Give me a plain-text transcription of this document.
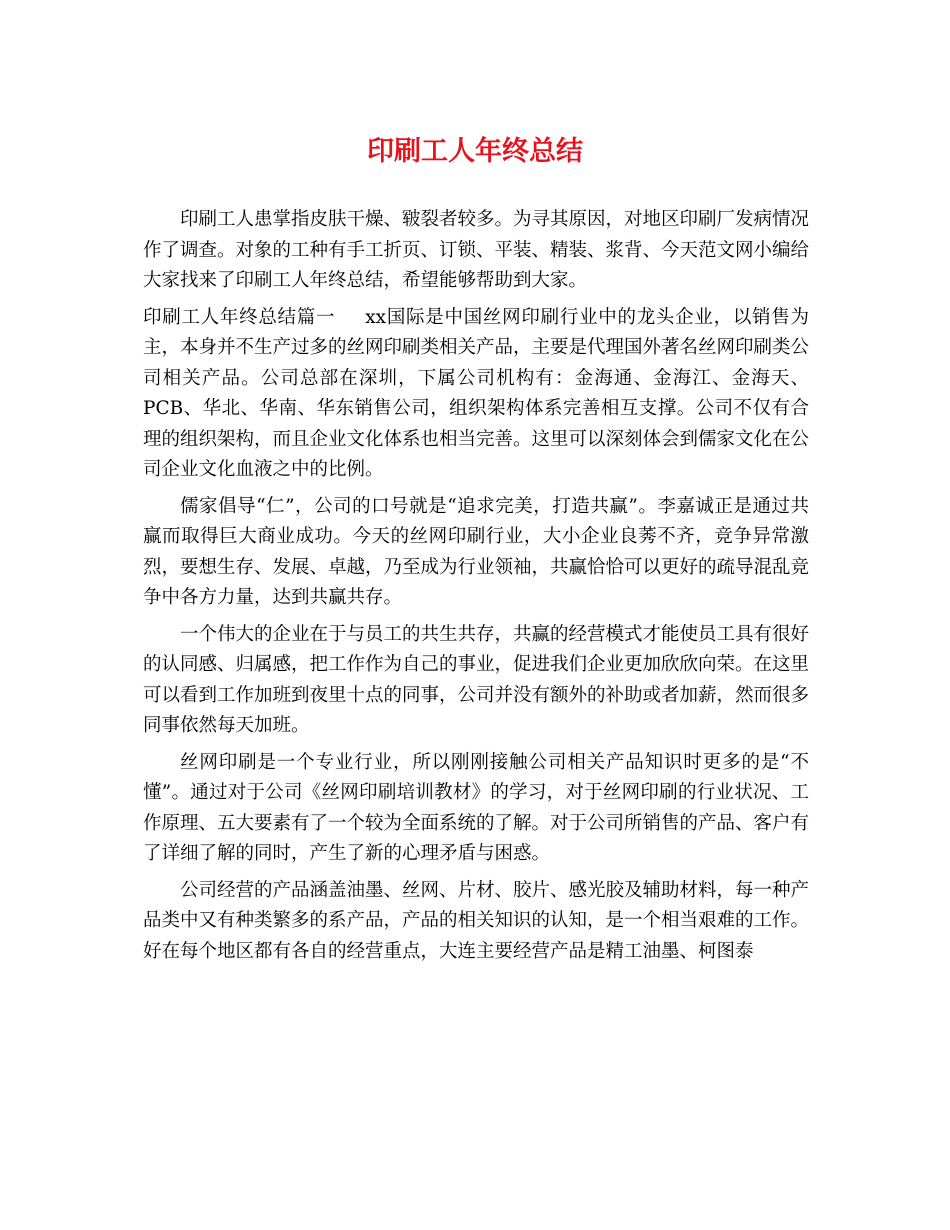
印刷工人年终总结

印刷工人患掌指皮肤干燥、皲裂者较多。为寻其原因，对地区印刷厂发病情况作了调查。对象的工种有手工折页、订锁、平装、精装、浆背、今天范文网小编给大家找来了印刷工人年终总结，希望能够帮助到大家。

印刷工人年终总结篇一 xx国际是中国丝网印刷行业中的龙头企业，以销售为主，本身并不生产过多的丝网印刷类相关产品，主要是代理国外著名丝网印刷类公司相关产品。公司总部在深圳，下属公司机构有：金海通、金海江、金海天、PCB、华北、华南、华东销售公司，组织架构体系完善相互支撑。公司不仅有合理的组织架构，而且企业文化体系也相当完善。这里可以深刻体会到儒家文化在公司企业文化血液之中的比例。

儒家倡导“仁”，公司的口号就是“追求完美，打造共赢”。李嘉诚正是通过共赢而取得巨大商业成功。今天的丝网印刷行业，大小企业良莠不齐，竞争异常激烈，要想生存、发展、卓越，乃至成为行业领袖，共赢恰恰可以更好的疏导混乱竞争中各方力量，达到共赢共存。

一个伟大的企业在于与员工的共生共存，共赢的经营模式才能使员工具有很好的认同感、归属感，把工作作为自己的事业，促进我们企业更加欣欣向荣。在这里可以看到工作加班到夜里十点的同事，公司并没有额外的补助或者加薪，然而很多同事依然每天加班。

丝网印刷是一个专业行业，所以刚刚接触公司相关产品知识时更多的是“不懂”。通过对于公司《丝网印刷培训教材》的学习，对于丝网印刷的行业状况、工作原理、五大要素有了一个较为全面系统的了解。对于公司所销售的产品、客户有了详细了解的同时，产生了新的心理矛盾与困惑。

公司经营的产品涵盖油墨、丝网、片材、胶片、感光胶及辅助材料，每一种产品类中又有种类繁多的系产品，产品的相关知识的认知，是一个相当艰难的工作。好在每个地区都有各自的经营重点，大连主要经营产品是精工油墨、柯图泰
